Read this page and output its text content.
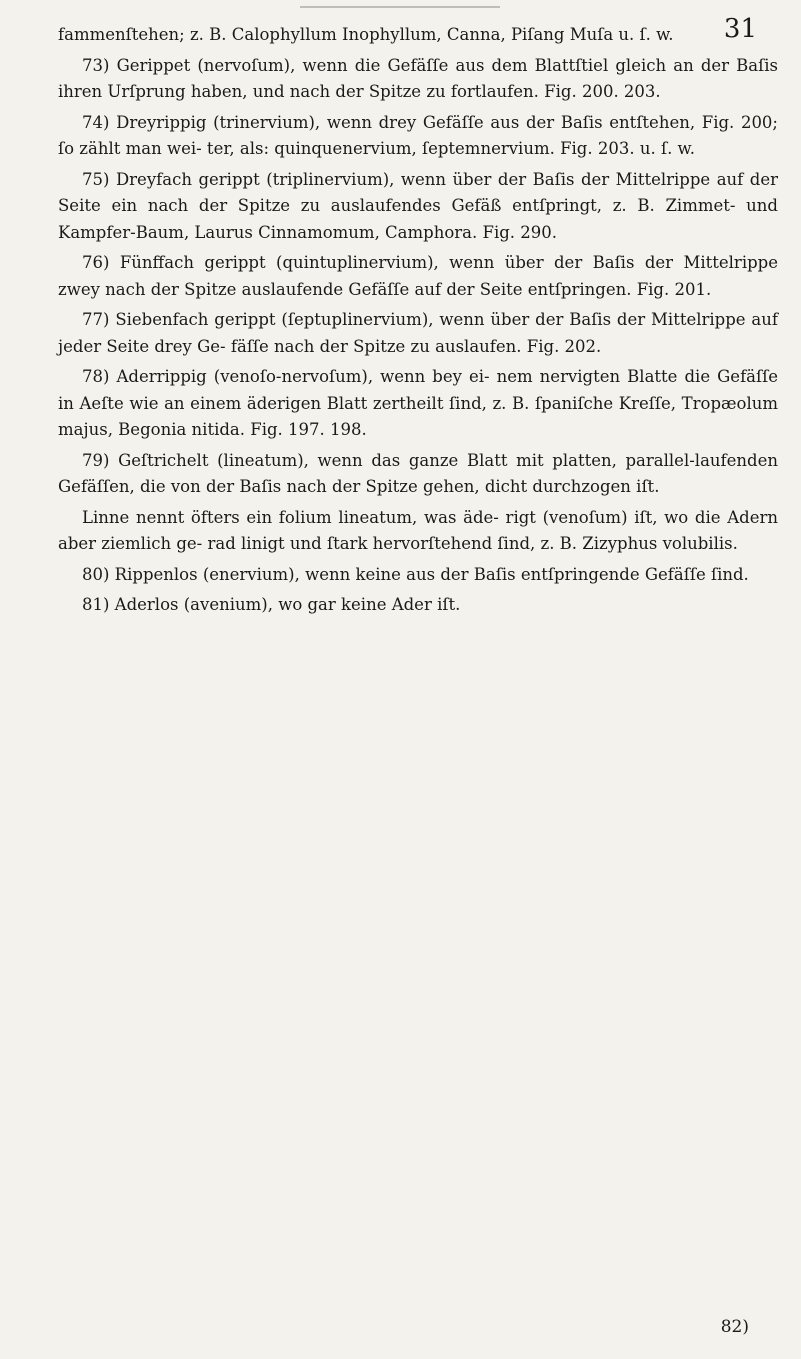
31

fammenſtehen; z. B. Calophyllum Inophyllum, Canna, Piſang Muſa u. ſ. w.

73) Gerippet (nervoſum), wenn die Gefäſſe aus dem Blattſtiel gleich an der Baſis ihren Urſprung haben, und nach der Spitze zu fortlaufen. Fig. 200. 203.

74) Dreyrippig (trinervium), wenn drey Gefäſſe aus der Baſis entſtehen, Fig. 200; ſo zählt man wei- ter, als: quinquenervium, ſeptemnervium. Fig. 203. u. ſ. w.

75) Dreyfach gerippt (triplinervium), wenn über der Baſis der Mittelrippe auf der Seite ein nach der Spitze zu auslaufendes Gefäß entſpringt, z. B. Zimmet- und Kampfer-Baum, Laurus Cinnamomum, Camphora. Fig. 290.

76) Fünffach gerippt (quintuplinervium), wenn über der Baſis der Mittelrippe zwey nach der Spitze auslaufende Gefäſſe auf der Seite entſpringen. Fig. 201.

77) Siebenfach gerippt (ſeptuplinervium), wenn über der Baſis der Mittelrippe auf jeder Seite drey Ge- fäſſe nach der Spitze zu auslaufen. Fig. 202.

78) Aderrippig (venoſo-nervoſum), wenn bey ei- nem nervigten Blatte die Gefäſſe in Aeſte wie an einem äderigen Blatt zertheilt ſind, z. B. ſpaniſche Kreſſe, Tropæolum majus, Begonia nitida. Fig. 197. 198.

79) Geſtrichelt (lineatum), wenn das ganze Blatt mit platten, parallel-laufenden Gefäſſen, die von der Baſis nach der Spitze gehen, dicht durchzogen iſt.

Linne nennt öfters ein folium lineatum, was äde- rigt (venoſum) iſt, wo die Adern aber ziemlich ge- rad linigt und ſtark hervorſtehend ſind, z. B. Zizyphus volubilis.

80) Rippenlos (enervium), wenn keine aus der Baſis entſpringende Gefäſſe ſind.

81) Aderlos (avenium), wo gar keine Ader iſt.

82)
